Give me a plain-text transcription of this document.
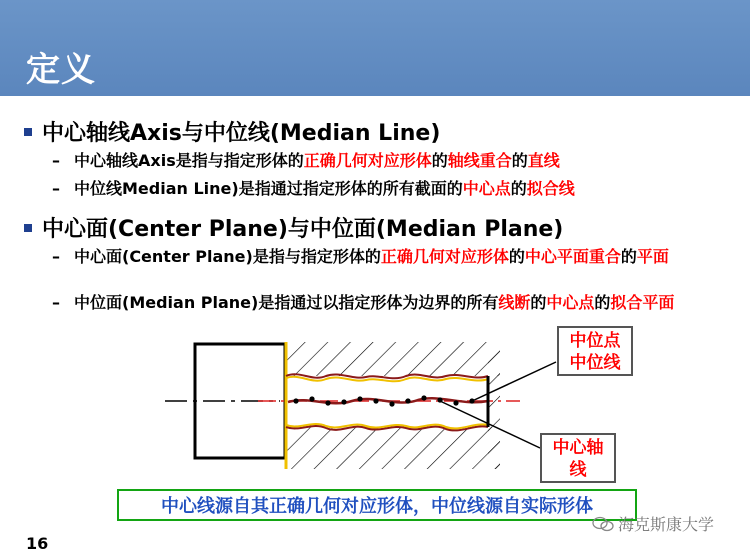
定义
中心轴线Axis与中位线(Median Line)
– 中心轴线Axis是指与指定形体的正确几何对应形体的轴线重合的直线
– 中位线Median Line)是指通过指定形体的所有截面的中心点的拟合线
中心面(Center Plane)与中位面(Median Plane)
– 中心面(Center Plane)是指与指定形体的正确几何对应形体的中心平面重合的平面
– 中位面(Median Plane)是指通过以指定形体为边界的所有线断的中心点的拟合平面
中位点
中位线
中心轴
线
中心线源自其正确几何对应形体，中位线源自实际形体
16
海克斯康大学
